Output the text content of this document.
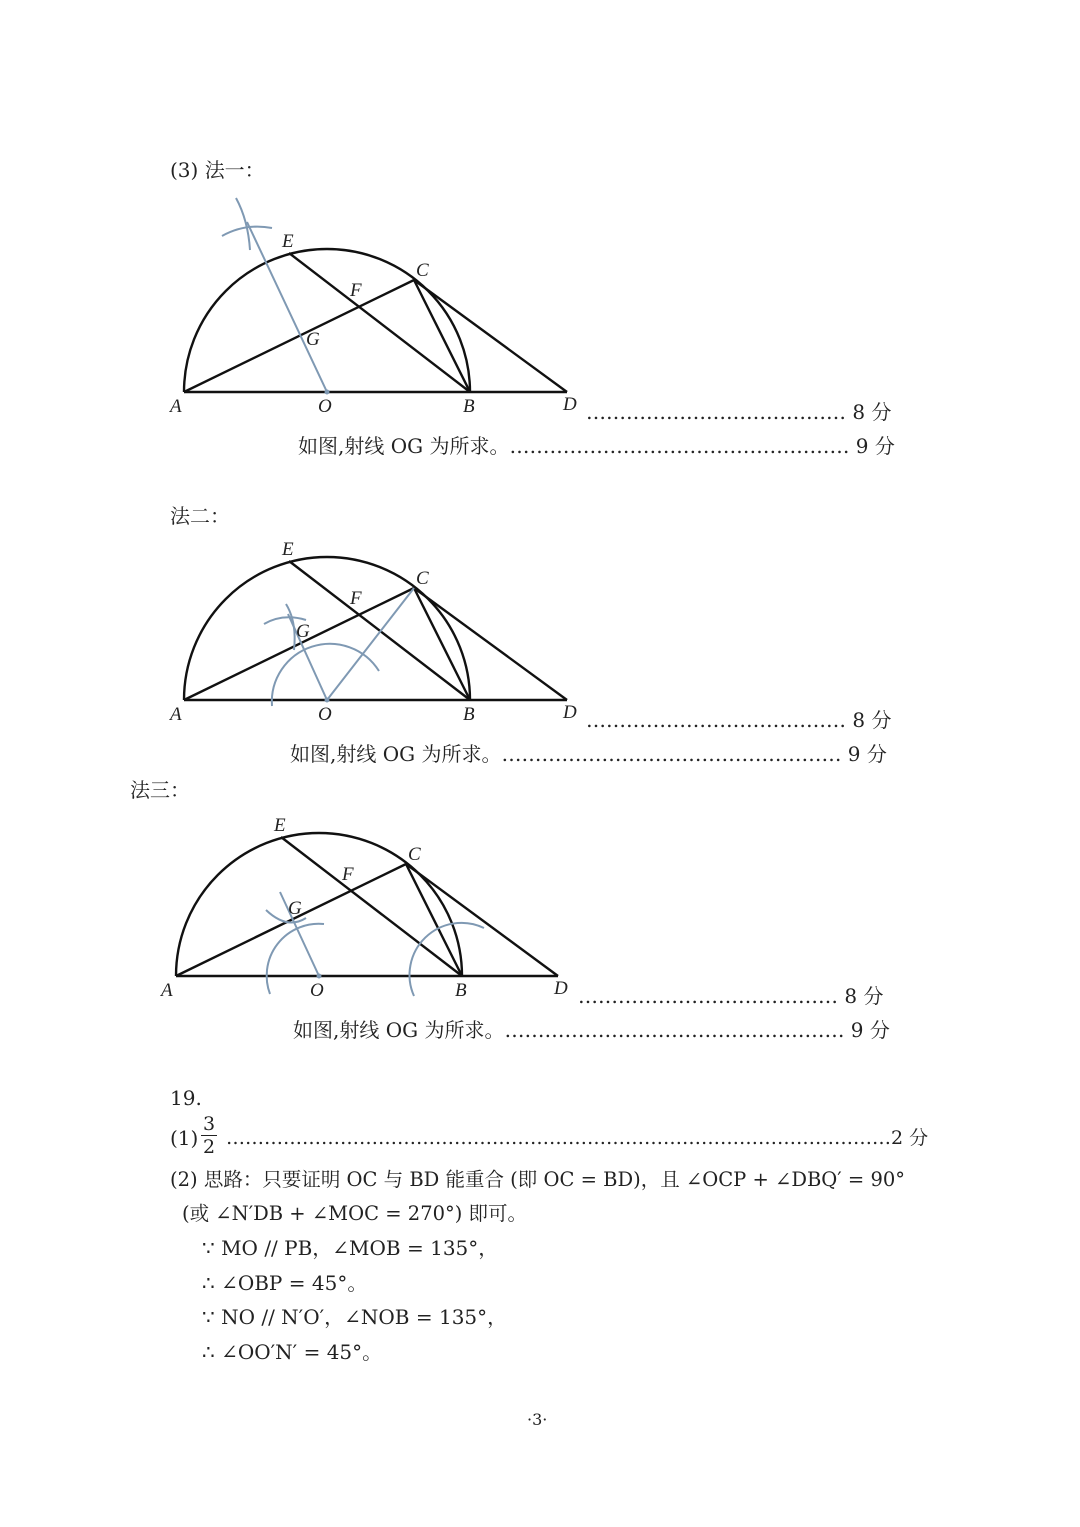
(3) 法一：
A	O	B	D
C
E
F
G
………………………………… 8 分
如图,射线 OG 为所求。…………………………………………… 9 分
法二：
A	O	B	D
C
E
F
G
………………………………… 8 分
如图,射线 OG 为所求。…………………………………………… 9 分
法三：
A	O	B	D
C
E
F
G
………………………………… 8 分
如图,射线 OG 为所求。…………………………………………… 9 分
19.
(1)
3
2 ……………………………………………………………………………………………2 分
(2) 思路：只要证明 OC 与 BD 能重合 (即 OC = BD)，且 ∠OCP + ∠DBQ′ = 90°
(或 ∠N′DB + ∠MOC = 270°) 即可。
∵ MO // PB，∠MOB = 135°，
∴ ∠OBP = 45°。
∵ NO // N′O′，∠NOB = 135°，
∴ ∠OO′N′ = 45°。
·3·
